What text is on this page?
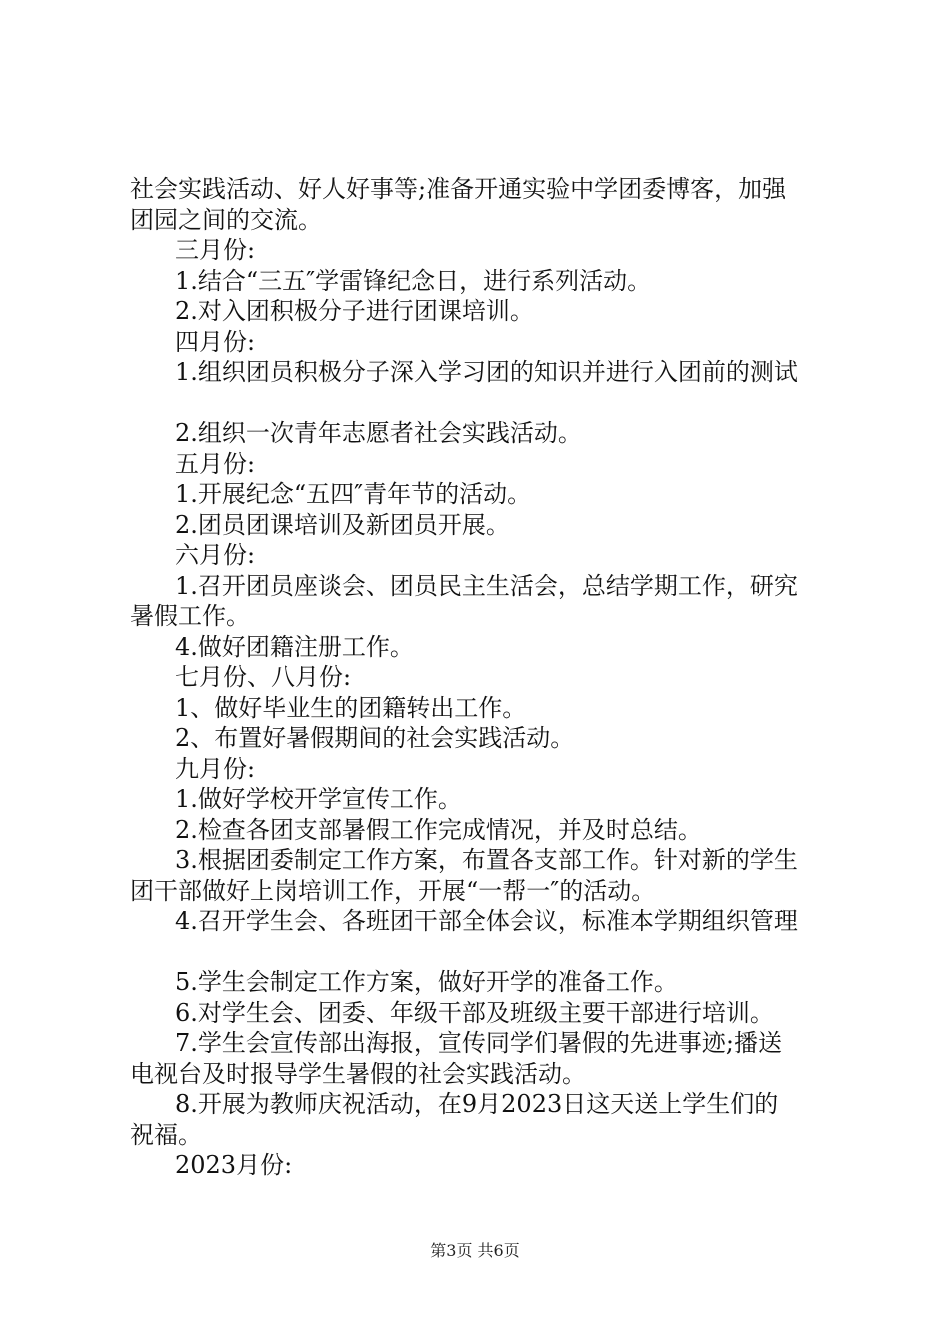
社会实践活动、好人好事等;准备开通实验中学团委博客，加强
团园之间的交流。
三月份:
1.结合“三五″学雷锋纪念日，进行系列活动。
2.对入团积极分子进行团课培训。
四月份:
1.组织团员积极分子深入学习团的知识并进行入团前的测试
2.组织一次青年志愿者社会实践活动。
五月份:
1.开展纪念“五四″青年节的活动。
2.团员团课培训及新团员开展。
六月份:
1.召开团员座谈会、团员民主生活会，总结学期工作，研究
暑假工作。
4.做好团籍注册工作。
七月份、八月份:
1、做好毕业生的团籍转出工作。
2、布置好暑假期间的社会实践活动。
九月份:
1.做好学校开学宣传工作。
2.检查各团支部暑假工作完成情况，并及时总结。
3.根据团委制定工作方案，布置各支部工作。针对新的学生
团干部做好上岗培训工作，开展“一帮一″的活动。
4.召开学生会、各班团干部全体会议，标准本学期组织管理
5.学生会制定工作方案，做好开学的准备工作。
6.对学生会、团委、年级干部及班级主要干部进行培训。
7.学生会宣传部出海报，宣传同学们暑假的先进事迹;播送
电视台及时报导学生暑假的社会实践活动。
8.开展为教师庆祝活动，在9月2023日这天送上学生们的
祝福。
2023月份:
第3页 共6页
